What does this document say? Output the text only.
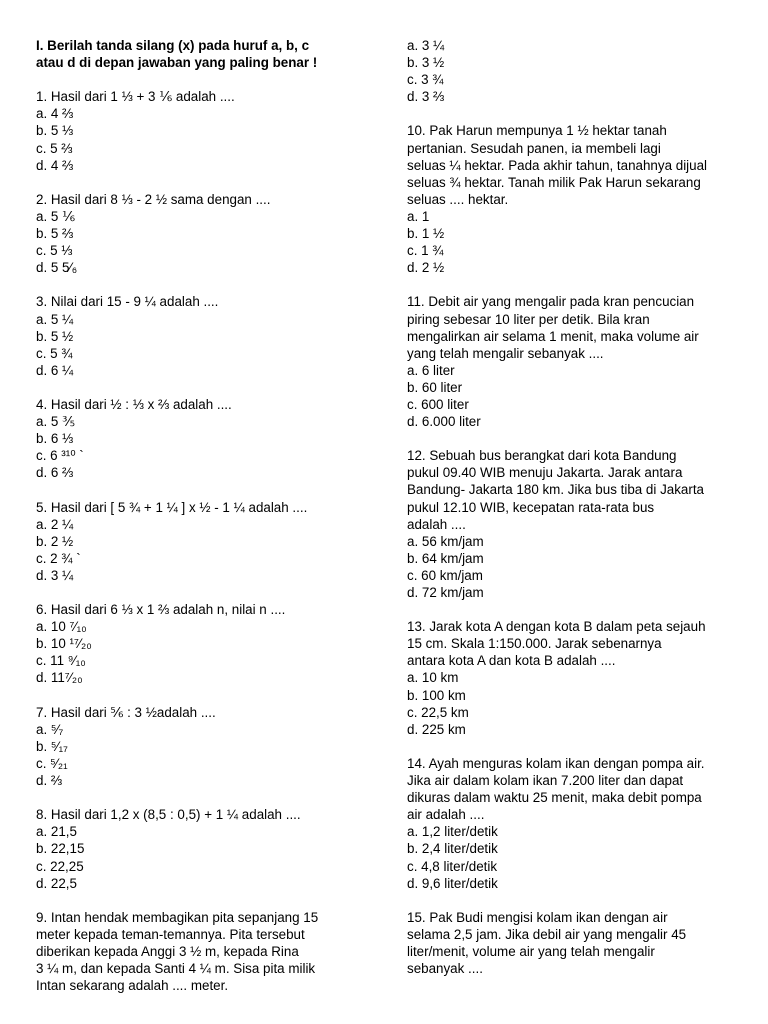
I. Berilah tanda silang (x) pada huruf a, b, c
atau d di depan jawaban yang paling benar !
1. Hasil dari 1 ⅓ + 3 ⅙ adalah ....
a. 4 ⅔
b. 5 ⅓
c. 5 ⅔
d. 4 ⅔
2. Hasil dari 8 ⅓ - 2 ½ sama dengan ....
a. 5 ⅙
b. 5 ⅔
c. 5 ⅓
d. 5 5⁄₆
3. Nilai dari 15 - 9 ¼ adalah ....
a. 5 ¼
b. 5 ½
c. 5 ¾
d. 6 ¼
4. Hasil dari ½ : ⅓ x ⅔ adalah ....
a. 5 ⅗
b. 6 ⅓
c. 6 ³¹⁰ `
d. 6 ⅔
5. Hasil dari [ 5 ¾ + 1 ¼ ] x ½ - 1 ¼ adalah ....
a. 2 ¼
b. 2 ½
c. 2 ¾ `
d. 3 ¼
6. Hasil dari 6 ⅓ x 1 ⅔ adalah n, nilai n ....
a. 10 ⁷⁄₁₀
b. 10 ¹⁷⁄₂₀
c. 11 ⁹⁄₁₀
d. 11⁷⁄₂₀
7. Hasil dari ⅚ : 3 ½adalah ....
a. ⁵⁄₇
b. ⁵⁄₁₇
c. ⁵⁄₂₁
d. ⅔
8. Hasil dari 1,2 x (8,5 : 0,5) + 1 ¼ adalah ....
a. 21,5
b. 22,15
c. 22,25
d. 22,5
9. Intan hendak membagikan pita sepanjang 15
meter kepada teman-temannya. Pita tersebut
diberikan kepada Anggi 3 ½ m, kepada Rina
3 ¼ m, dan kepada Santi 4 ¼ m. Sisa pita milik
Intan sekarang adalah .... meter.
a. 3 ¼
b. 3 ½
c. 3 ¾
d. 3 ⅔
10. Pak Harun mempunya 1 ½ hektar tanah
pertanian. Sesudah panen, ia membeli lagi
seluas ¼ hektar. Pada akhir tahun, tanahnya dijual
seluas ¾ hektar. Tanah milik Pak Harun sekarang
seluas .... hektar.
a. 1
b. 1 ½
c. 1 ¾
d. 2 ½
11. Debit air yang mengalir pada kran pencucian
piring sebesar 10 liter per detik. Bila kran
mengalirkan air selama 1 menit, maka volume air
yang telah mengalir sebanyak ....
a. 6 liter
b. 60 liter
c. 600 liter
d. 6.000 liter
12. Sebuah bus berangkat dari kota Bandung
pukul 09.40 WIB menuju Jakarta. Jarak antara
Bandung- Jakarta 180 km. Jika bus tiba di Jakarta
pukul 12.10 WIB, kecepatan rata-rata bus
adalah ....
a. 56 km/jam
b. 64 km/jam
c. 60 km/jam
d. 72 km/jam
13. Jarak kota A dengan kota B dalam peta sejauh
15 cm. Skala 1:150.000. Jarak sebenarnya
antara kota A dan kota B adalah ....
a. 10 km
b. 100 km
c. 22,5 km
d. 225 km
14. Ayah menguras kolam ikan dengan pompa air.
Jika air dalam kolam ikan 7.200 liter dan dapat
dikuras dalam waktu 25 menit, maka debit pompa
air adalah ....
a. 1,2 liter/detik
b. 2,4 liter/detik
c. 4,8 liter/detik
d. 9,6 liter/detik
15. Pak Budi mengisi kolam ikan dengan air
selama 2,5 jam. Jika debil air yang mengalir 45
liter/menit, volume air yang telah mengalir
sebanyak ....
